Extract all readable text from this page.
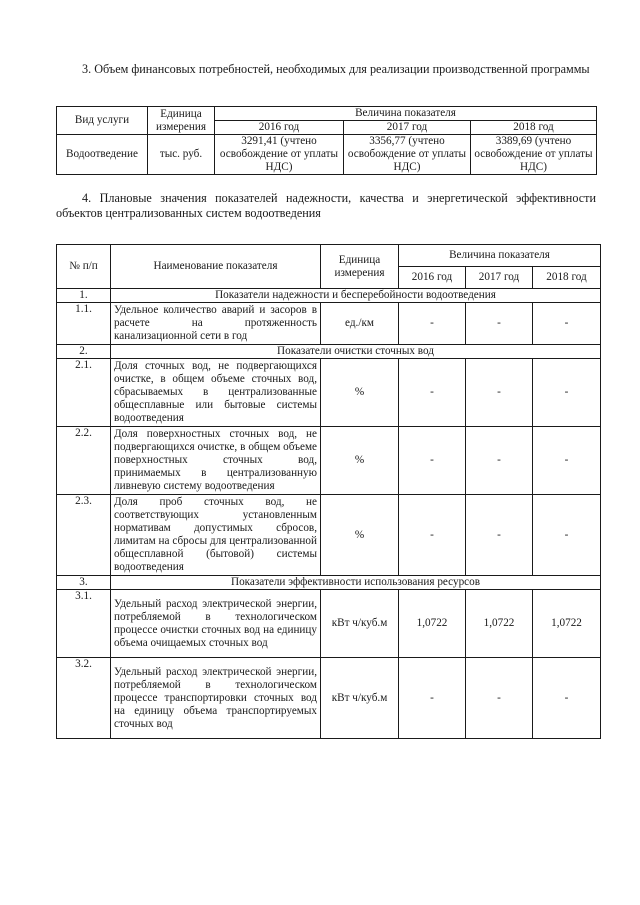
3. Объем финансовых потребностей, необходимых для реализации производственной программы
Вид услуги	Единица измерения	Величина показателя		
		2016 год	2017 год	2018 год
Водоотведение	тыс. руб.	3291,41 (учтено освобождение от уплаты НДС)	3356,77 (учтено освобождение от уплаты НДС)	3389,69 (учтено освобождение от уплаты НДС)
4. Плановые значения показателей надежности, качества и энергетической эффективности объектов централизованных систем водоотведения
№ п/п	Наименование показателя	Единица измерения	Величина показателя		
			2016 год	2017 год	2018 год
1.	Показатели надежности и бесперебойности водоотведения				
1.1.	Удельное количество аварий и засоров в расчете на протяженность канализационной сети в год	ед./км	-	-	-
2.	Показатели очистки сточных вод				
2.1.	Доля сточных вод, не подвергающихся очистке, в общем объеме сточных вод, сбрасываемых в централизованные общесплавные или бытовые системы водоотведения	%	-	-	-
2.2.	Доля поверхностных сточных вод, не подвергающихся очистке, в общем объеме поверхностных сточных вод, принимаемых в централизованную ливневую систему водоотведения	%	-	-	-
2.3.	Доля проб сточных вод, не соответствующих установленным нормативам допустимых сбросов, лимитам на сбросы для централизованной общесплавной (бытовой) системы водоотведения	%	-	-	-
3.	Показатели эффективности использования ресурсов				
3.1.	Удельный расход электрической энергии, потребляемой в технологическом процессе очистки сточных вод на единицу объема очищаемых сточных вод	кВт ч/куб.м	1,0722	1,0722	1,0722
3.2.	Удельный расход электрической энергии, потребляемой в технологическом процессе транспортировки сточных вод на единицу объема транспортируемых сточных вод	кВт ч/куб.м	-	-	-
